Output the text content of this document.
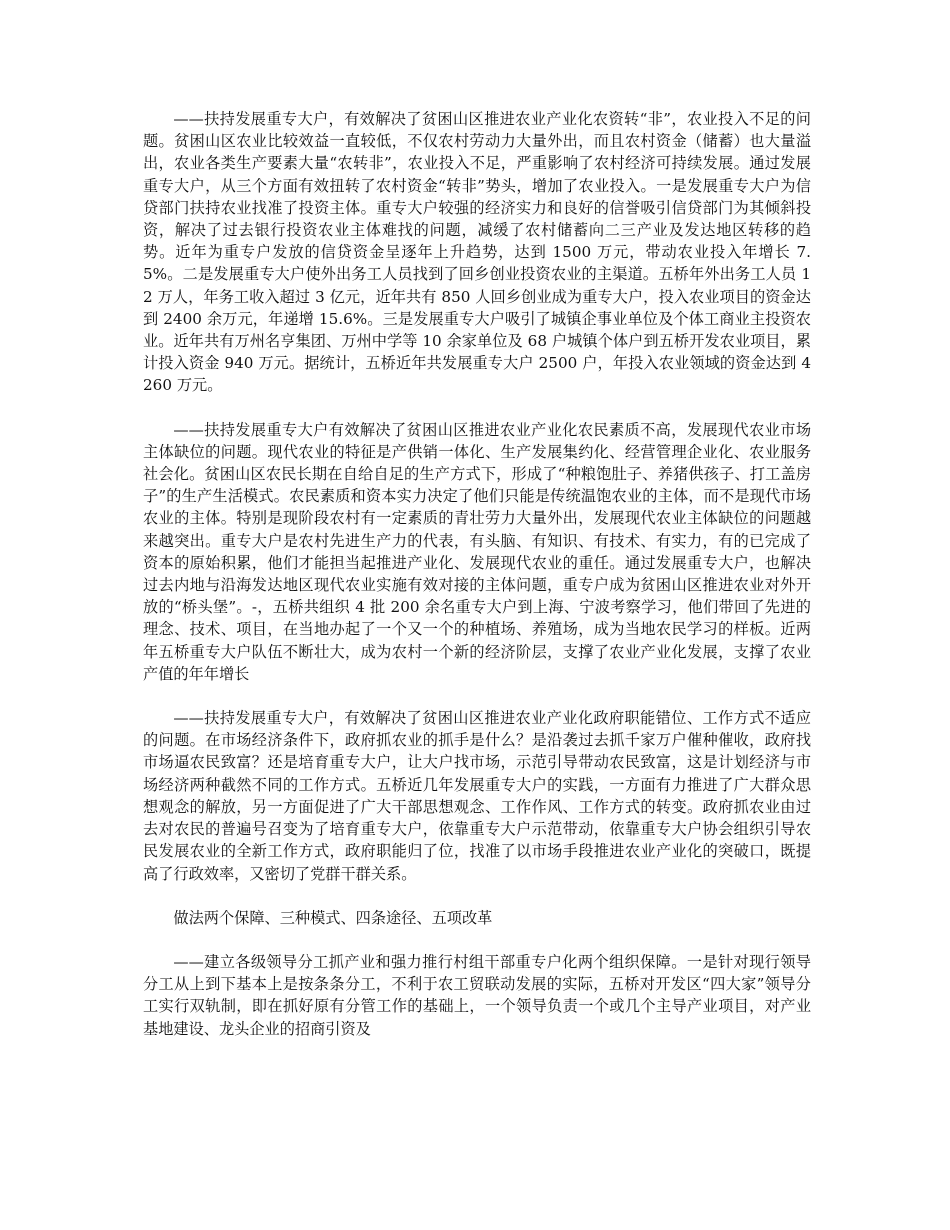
——扶持发展重专大户，有效解决了贫困山区推进农业产业化农资转“非”，农业投入不足的问题。贫困山区农业比较效益一直较低，不仅农村劳动力大量外出，而且农村资金（储蓄）也大量溢出，农业各类生产要素大量“农转非”，农业投入不足，严重影响了农村经济可持续发展。通过发展重专大户，从三个方面有效扭转了农村资金“转非”势头，增加了农业投入。一是发展重专大户为信贷部门扶持农业找准了投资主体。重专大户较强的经济实力和良好的信誉吸引信贷部门为其倾斜投资，解决了过去银行投资农业主体难找的问题，减缓了农村储蓄向二三产业及发达地区转移的趋势。近年为重专户发放的信贷资金呈逐年上升趋势，达到 1500 万元，带动农业投入年增长 7.5%。二是发展重专大户使外出务工人员找到了回乡创业投资农业的主渠道。五桥年外出务工人员 12 万人，年务工收入超过 3 亿元，近年共有 850 人回乡创业成为重专大户，投入农业项目的资金达到 2400 余万元，年递增 15.6%。三是发展重专大户吸引了城镇企事业单位及个体工商业主投资农业。近年共有万州名亨集团、万州中学等 10 余家单位及 68 户城镇个体户到五桥开发农业项目，累计投入资金 940 万元。据统计，五桥近年共发展重专大户 2500 户，年投入农业领域的资金达到 4260 万元。

——扶持发展重专大户有效解决了贫困山区推进农业产业化农民素质不高，发展现代农业市场主体缺位的问题。现代农业的特征是产供销一体化、生产发展集约化、经营管理企业化、农业服务社会化。贫困山区农民长期在自给自足的生产方式下，形成了“种粮饱肚子、养猪供孩子、打工盖房子”的生产生活模式。农民素质和资本实力决定了他们只能是传统温饱农业的主体，而不是现代市场农业的主体。特别是现阶段农村有一定素质的青壮劳力大量外出，发展现代农业主体缺位的问题越来越突出。重专大户是农村先进生产力的代表，有头脑、有知识、有技术、有实力，有的已完成了资本的原始积累，他们才能担当起推进产业化、发展现代农业的重任。通过发展重专大户，也解决过去内地与沿海发达地区现代农业实施有效对接的主体问题，重专户成为贫困山区推进农业对外开放的“桥头堡”。-，五桥共组织 4 批 200 余名重专大户到上海、宁波考察学习，他们带回了先进的理念、技术、项目，在当地办起了一个又一个的种植场、养殖场，成为当地农民学习的样板。近两年五桥重专大户队伍不断壮大，成为农村一个新的经济阶层，支撑了农业产业化发展，支撑了农业产值的年年增长

——扶持发展重专大户，有效解决了贫困山区推进农业产业化政府职能错位、工作方式不适应的问题。在市场经济条件下，政府抓农业的抓手是什么？是沿袭过去抓千家万户催种催收，政府找市场逼农民致富？还是培育重专大户，让大户找市场，示范引导带动农民致富，这是计划经济与市场经济两种截然不同的工作方式。五桥近几年发展重专大户的实践，一方面有力推进了广大群众思想观念的解放，另一方面促进了广大干部思想观念、工作作风、工作方式的转变。政府抓农业由过去对农民的普遍号召变为了培育重专大户，依靠重专大户示范带动，依靠重专大户协会组织引导农民发展农业的全新工作方式，政府职能归了位，找准了以市场手段推进农业产业化的突破口，既提高了行政效率，又密切了党群干群关系。

做法两个保障、三种模式、四条途径、五项改革

——建立各级领导分工抓产业和强力推行村组干部重专户化两个组织保障。一是针对现行领导分工从上到下基本上是按条条分工，不利于农工贸联动发展的实际，五桥对开发区“四大家”领导分工实行双轨制，即在抓好原有分管工作的基础上，一个领导负责一个或几个主导产业项目，对产业基地建设、龙头企业的招商引资及
